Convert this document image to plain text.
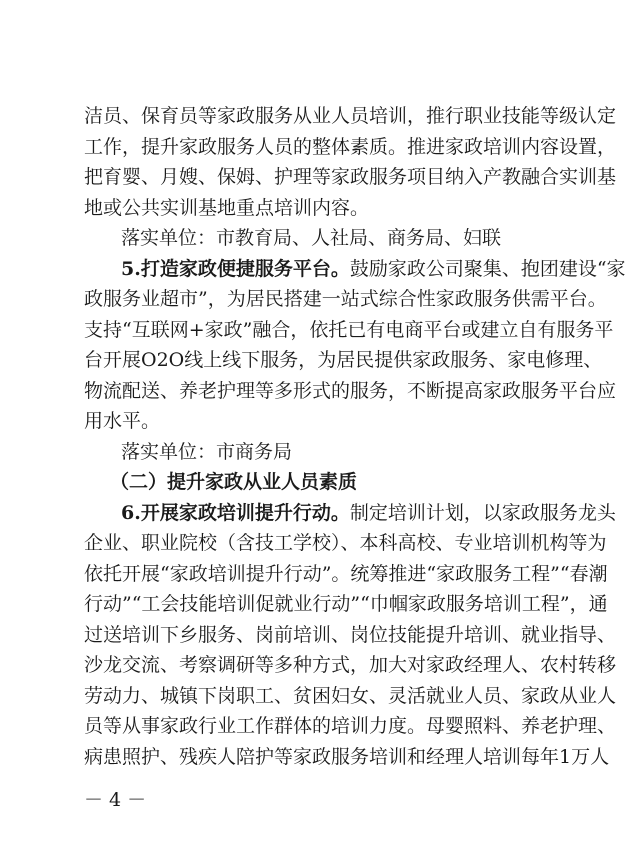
洁员、保育员等家政服务从业人员培训，推行职业技能等级认定
工作，提升家政服务人员的整体素质。推进家政培训内容设置，
把育婴、月嫂、保姆、护理等家政服务项目纳入产教融合实训基
地或公共实训基地重点培训内容。
落实单位：市教育局、人社局、商务局、妇联
5.打造家政便捷服务平台。鼓励家政公司聚集、抱团建设“家
政服务业超市”，为居民搭建一站式综合性家政服务供需平台。
支持“互联网+家政”融合，依托已有电商平台或建立自有服务平
台开展O2O线上线下服务，为居民提供家政服务、家电修理、
物流配送、养老护理等多形式的服务，不断提高家政服务平台应
用水平。
落实单位：市商务局
（二）提升家政从业人员素质
6.开展家政培训提升行动。制定培训计划，以家政服务龙头
企业、职业院校（含技工学校）、本科高校、专业培训机构等为
依托开展“家政培训提升行动”。统筹推进“家政服务工程”“春潮
行动”“工会技能培训促就业行动”“巾帼家政服务培训工程”，通
过送培训下乡服务、岗前培训、岗位技能提升培训、就业指导、
沙龙交流、考察调研等多种方式，加大对家政经理人、农村转移
劳动力、城镇下岗职工、贫困妇女、灵活就业人员、家政从业人
员等从事家政行业工作群体的培训力度。母婴照料、养老护理、
病患照护、残疾人陪护等家政服务培训和经理人培训每年1万人
－ 4 －
